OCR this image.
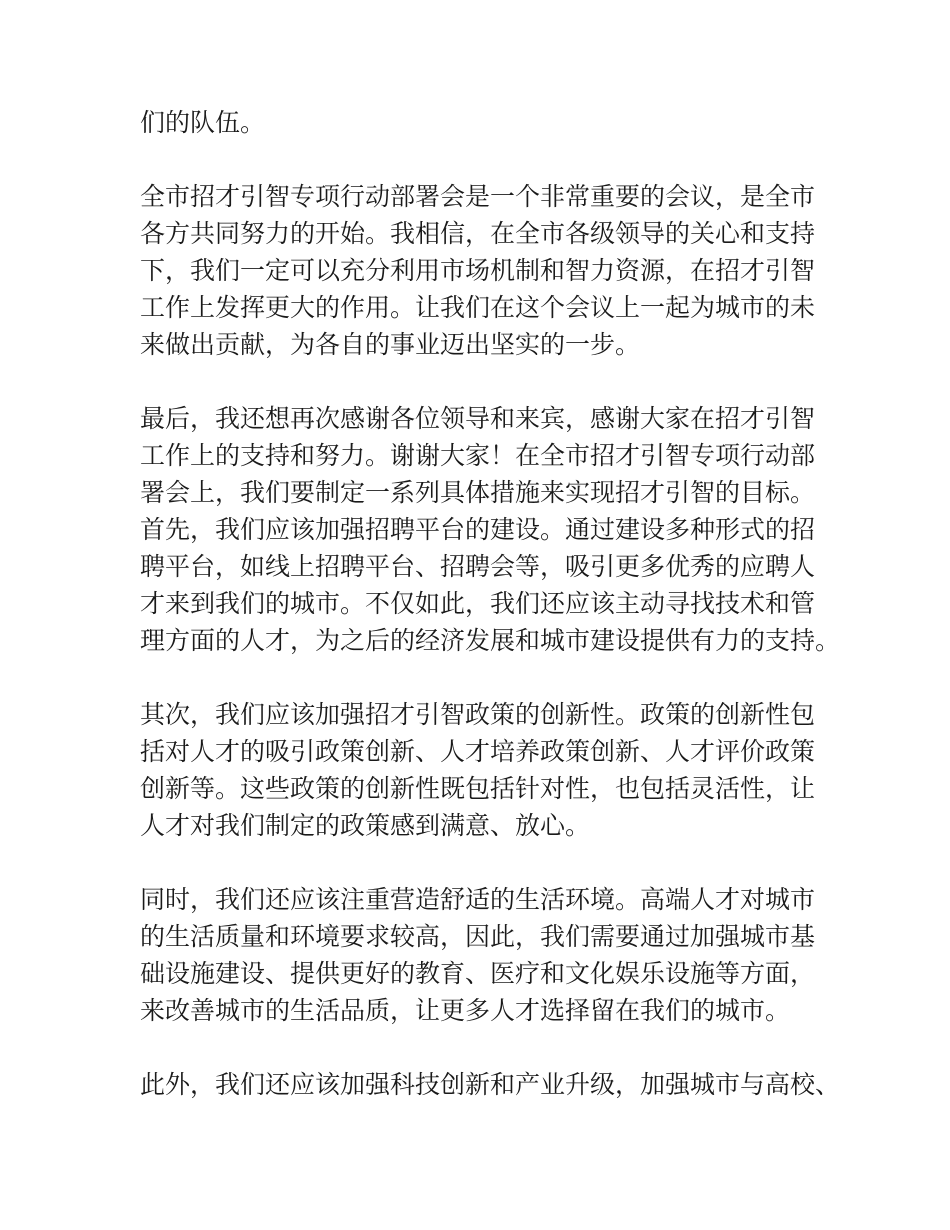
们的队伍。
全市招才引智专项行动部署会是一个非常重要的会议，是全市
各方共同努力的开始。我相信，在全市各级领导的关心和支持
下，我们一定可以充分利用市场机制和智力资源，在招才引智
工作上发挥更大的作用。让我们在这个会议上一起为城市的未
来做出贡献，为各自的事业迈出坚实的一步。
最后，我还想再次感谢各位领导和来宾，感谢大家在招才引智
工作上的支持和努力。谢谢大家！在全市招才引智专项行动部
署会上，我们要制定一系列具体措施来实现招才引智的目标。
首先，我们应该加强招聘平台的建设。通过建设多种形式的招
聘平台，如线上招聘平台、招聘会等，吸引更多优秀的应聘人
才来到我们的城市。不仅如此，我们还应该主动寻找技术和管
理方面的人才，为之后的经济发展和城市建设提供有力的支持。
其次，我们应该加强招才引智政策的创新性。政策的创新性包
括对人才的吸引政策创新、人才培养政策创新、人才评价政策
创新等。这些政策的创新性既包括针对性，也包括灵活性，让
人才对我们制定的政策感到满意、放心。
同时，我们还应该注重营造舒适的生活环境。高端人才对城市
的生活质量和环境要求较高，因此，我们需要通过加强城市基
础设施建设、提供更好的教育、医疗和文化娱乐设施等方面，
来改善城市的生活品质，让更多人才选择留在我们的城市。
此外，我们还应该加强科技创新和产业升级，加强城市与高校、
